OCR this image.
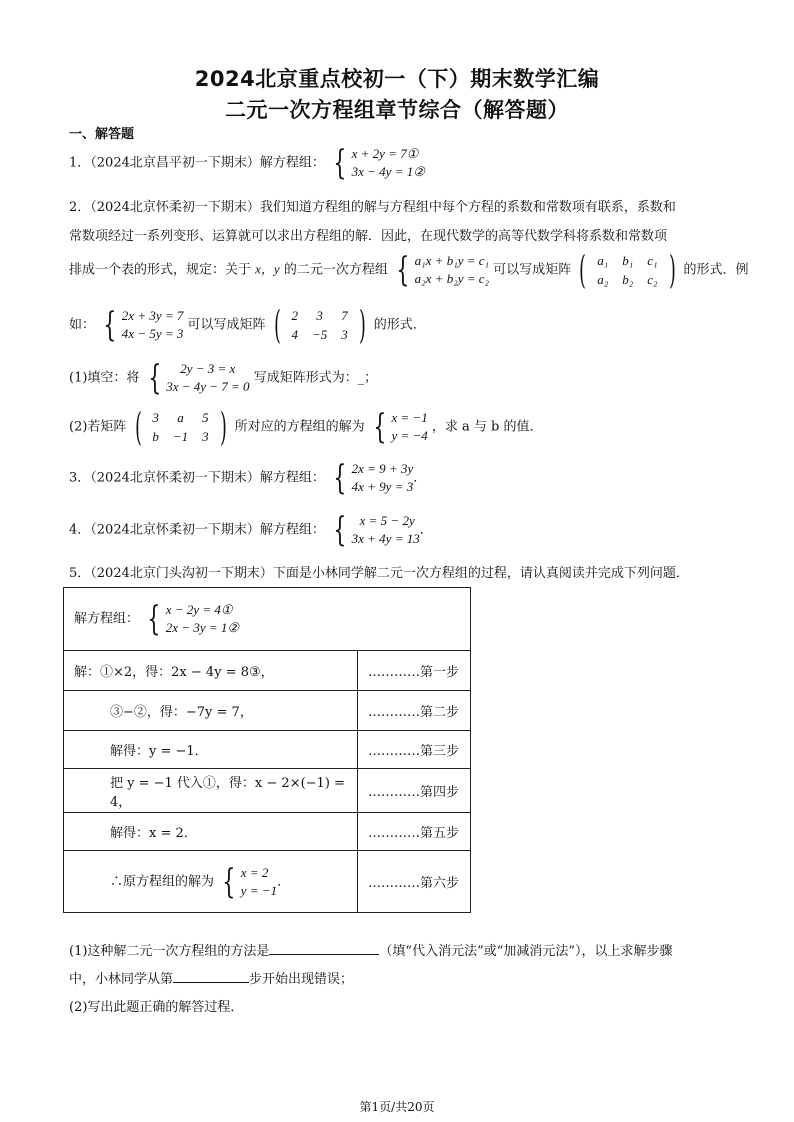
2024北京重点校初一（下）期末数学汇编
二元一次方程组章节综合（解答题）
一、解答题
1．（2024北京昌平初一下期末）解方程组： { x + 2y = 7①
3x − 4y = 1②
2．（2024北京怀柔初一下期末）我们知道方程组的解与方程组中每个方程的系数和常数项有联系，系数和
常数项经过一系列变形、运算就可以求出方程组的解．因此，在现代数学的高等代数学科将系数和常数项
排成一个表的形式，规定：关于 x，y 的二元一次方程组 { a₁x + b₁y = c₁
a₂x + b₂y = c₂
可以写成矩阵 ( a₁	b₁	c₁
a₂	b₂	c₂ ) 的形式．例
如： { 2x + 3y = 7
4x − 5y = 3
可以写成矩阵 ( 2	3	7
4	−5	3 ) 的形式．
(1)填空：将 {	2y − 3 = x
3x − 4y − 7 = 0
写成矩阵形式为：_；
(2)若矩阵 ( 3	a	5
b	−1	3 ) 所对应的方程组的解为 { x = −1
y = −4
，求 a 与 b 的值．
3．（2024北京怀柔初一下期末）解方程组： { 2x = 9 + 3y
4x + 9y = 3
．
4．（2024北京怀柔初一下期末）解方程组： {	x = 5 − 2y
3x + 4y = 13
．
5．（2024北京门头沟初一下期末）下面是小林同学解二元一次方程组的过程，请认真阅读并完成下列问题．
解方程组： { x − 2y = 4①
2x − 3y = 1②	

解：①×2，得：2x − 4y = 8③，	…………第一步
③−②，得：−7y = 7，	…………第二步
解得：y = −1．	…………第三步
把 y = −1 代入①，得：x − 2×(−1) = 4，	…………第四步
解得：x = 2．	…………第五步
∴原方程组的解为 { x = 2
y = −1
．	…………第六步
(1)这种解二元一次方程组的方法是	（填“代入消元法”或“加减消元法”），以上求解步骤
中，小林同学从第	步开始出现错误；
(2)写出此题正确的解答过程．
第1页/共20页
